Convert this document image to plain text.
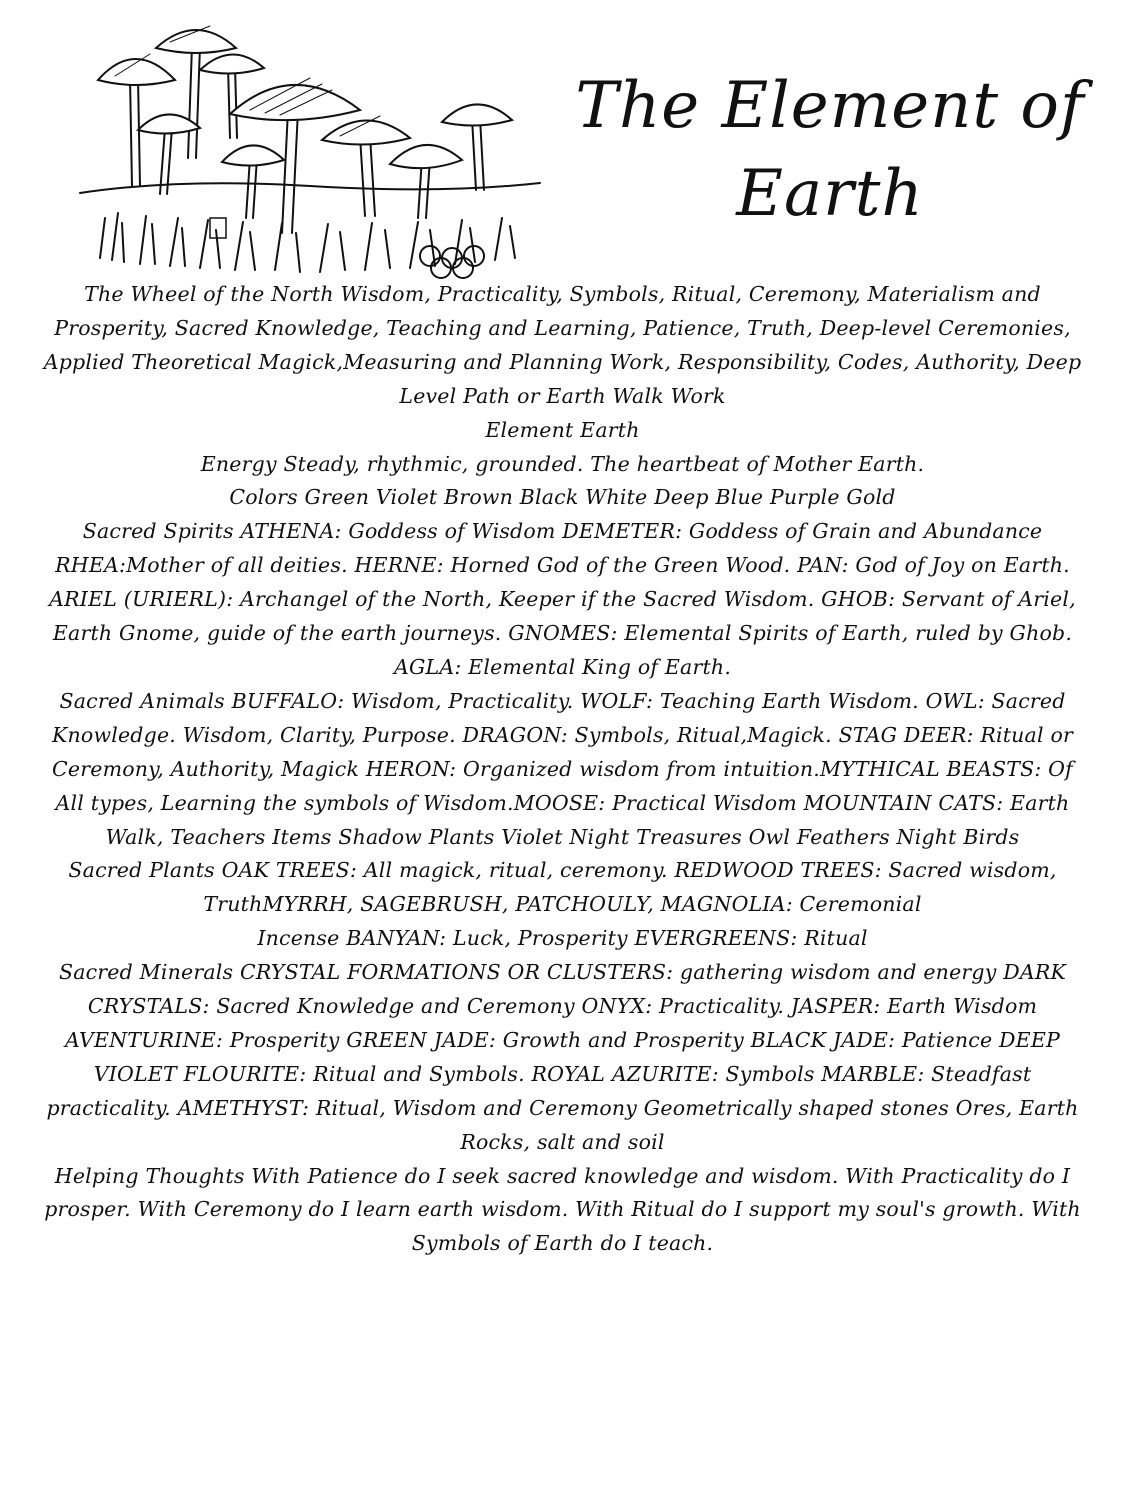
The Element of
Earth

The Wheel of the North Wisdom, Practicality, Symbols, Ritual, Ceremony, Materialism and Prosperity, Sacred Knowledge, Teaching and Learning, Patience, Truth, Deep-level Ceremonies, Applied Theoretical Magick,Measuring and Planning Work, Responsibility, Codes, Authority, Deep Level Path or Earth Walk Work

Element Earth

Energy Steady, rhythmic, grounded. The heartbeat of Mother Earth.

Colors Green Violet Brown Black White Deep Blue Purple Gold

Sacred Spirits ATHENA: Goddess of Wisdom DEMETER: Goddess of Grain and Abundance RHEA:Mother of all deities. HERNE: Horned God of the Green Wood. PAN: God of Joy on Earth. ARIEL (URIERL): Archangel of the North, Keeper if the Sacred Wisdom. GHOB: Servant of Ariel, Earth Gnome, guide of the earth journeys. GNOMES: Elemental Spirits of Earth, ruled by Ghob. AGLA: Elemental King of Earth.

Sacred Animals BUFFALO: Wisdom, Practicality. WOLF: Teaching Earth Wisdom. OWL: Sacred Knowledge. Wisdom, Clarity, Purpose. DRAGON: Symbols, Ritual,Magick. STAG DEER: Ritual or Ceremony, Authority, Magick HERON: Organized wisdom from intuition.MYTHICAL BEASTS: Of All types, Learning the symbols of Wisdom.MOOSE: Practical Wisdom MOUNTAIN CATS: Earth Walk, Teachers Items Shadow Plants Violet Night Treasures Owl Feathers Night Birds

Sacred Plants OAK TREES: All magick, ritual, ceremony. REDWOOD TREES: Sacred wisdom, TruthMYRRH, SAGEBRUSH, PATCHOULY, MAGNOLIA: Ceremonial

Incense BANYAN: Luck, Prosperity EVERGREENS: Ritual

Sacred Minerals CRYSTAL FORMATIONS OR CLUSTERS: gathering wisdom and energy DARK CRYSTALS: Sacred Knowledge and Ceremony ONYX: Practicality. JASPER: Earth Wisdom AVENTURINE: Prosperity GREEN JADE: Growth and Prosperity BLACK JADE: Patience DEEP VIOLET FLOURITE: Ritual and Symbols. ROYAL AZURITE: Symbols MARBLE: Steadfast practicality. AMETHYST: Ritual, Wisdom and Ceremony Geometrically shaped stones Ores, Earth Rocks, salt and soil

Helping Thoughts With Patience do I seek sacred knowledge and wisdom. With Practicality do I prosper. With Ceremony do I learn earth wisdom. With Ritual do I support my soul's growth. With Symbols of Earth do I teach.
